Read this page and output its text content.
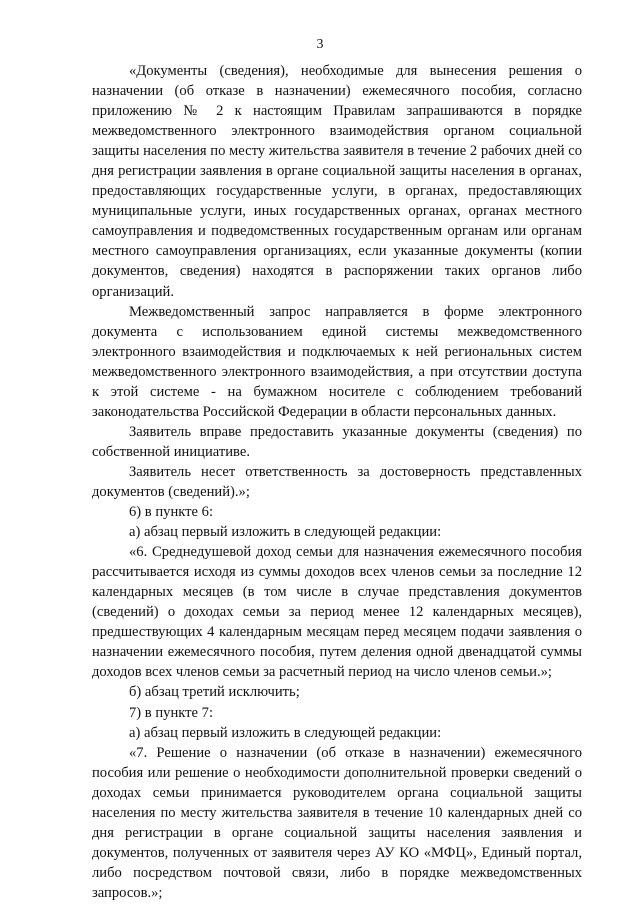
3

«Документы (сведения), необходимые для вынесения решения о назначении (об отказе в назначении) ежемесячного пособия, согласно приложению № 2 к настоящим Правилам запрашиваются в порядке межведомственного электронного взаимодействия органом социальной защиты населения по месту жительства заявителя в течение 2 рабочих дней со дня регистрации заявления в органе социальной защиты населения в органах, предоставляющих государственные услуги, в органах, предоставляющих муниципальные услуги, иных государственных органах, органах местного самоуправления и подведомственных государственным органам или органам местного самоуправления организациях, если указанные документы (копии документов, сведения) находятся в распоряжении таких органов либо организаций.

Межведомственный запрос направляется в форме электронного документа с использованием единой системы межведомственного электронного взаимодействия и подключаемых к ней региональных систем межведомственного электронного взаимодействия, а при отсутствии доступа к этой системе - на бумажном носителе с соблюдением требований законодательства Российской Федерации в области персональных данных.

Заявитель вправе предоставить указанные документы (сведения) по собственной инициативе.

Заявитель несет ответственность за достоверность представленных документов (сведений).»;

6) в пункте 6:

а) абзац первый изложить в следующей редакции:

«6. Среднедушевой доход семьи для назначения ежемесячного пособия рассчитывается исходя из суммы доходов всех членов семьи за последние 12 календарных месяцев (в том числе в случае представления документов (сведений) о доходах семьи за период менее 12 календарных месяцев), предшествующих 4 календарным месяцам перед месяцем подачи заявления о назначении ежемесячного пособия, путем деления одной двенадцатой суммы доходов всех членов семьи за расчетный период на число членов семьи.»;

б) абзац третий исключить;

7) в пункте 7:

а) абзац первый изложить в следующей редакции:

«7. Решение о назначении (об отказе в назначении) ежемесячного пособия или решение о необходимости дополнительной проверки сведений о доходах семьи принимается руководителем органа социальной защиты населения по месту жительства заявителя в течение 10 календарных дней со дня регистрации в органе социальной защиты населения заявления и документов, полученных от заявителя через АУ КО «МФЦ», Единый портал, либо посредством почтовой связи, либо в порядке межведомственных запросов.»;
